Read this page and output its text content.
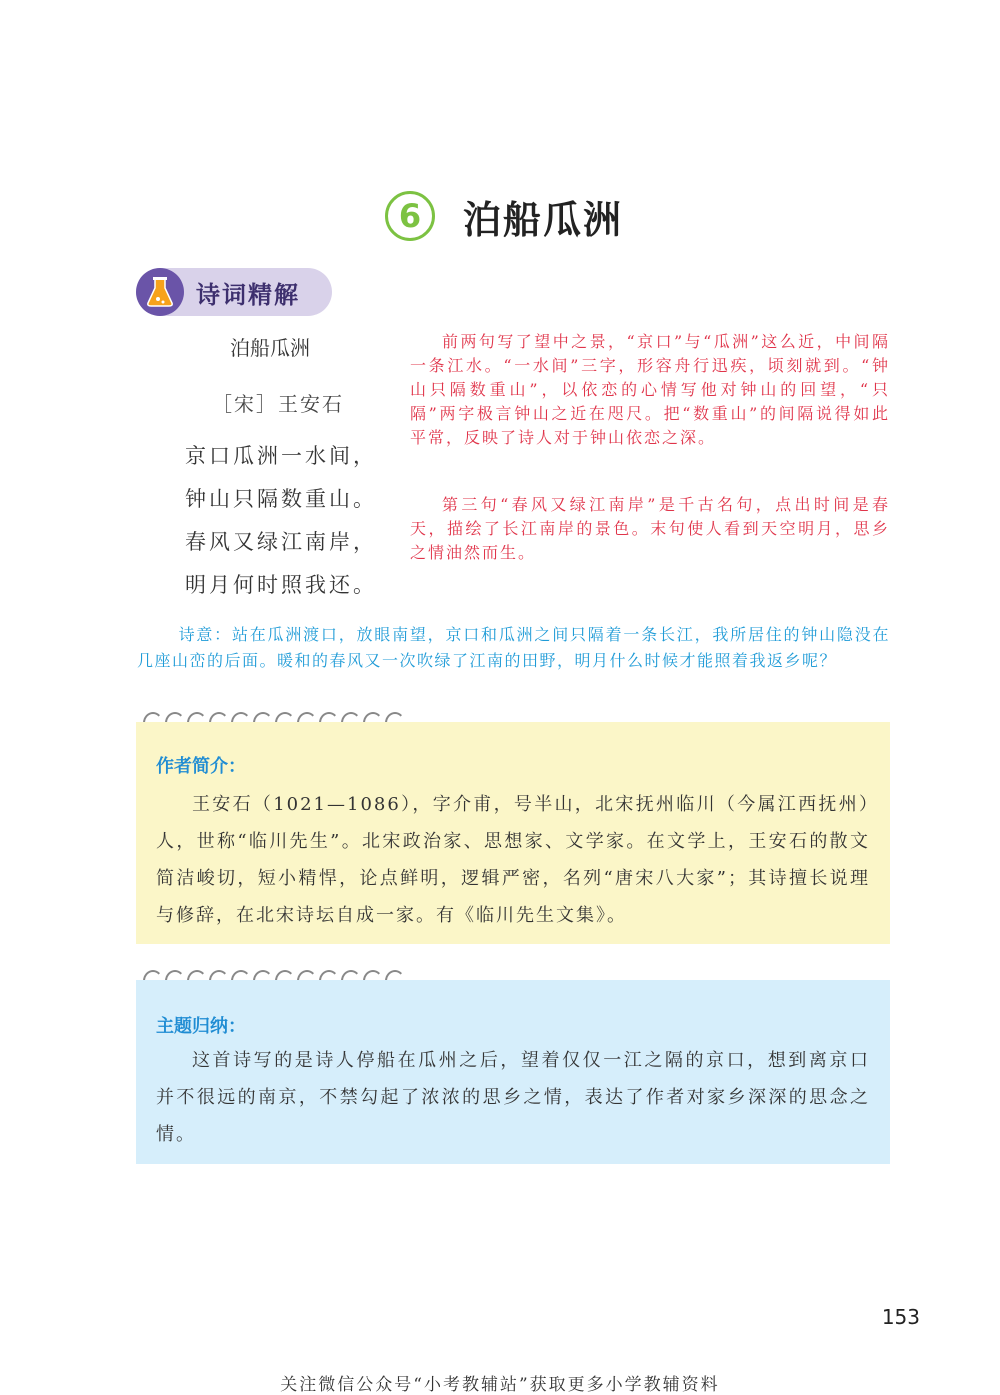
6	泊船瓜洲
诗词精解
泊船瓜洲
［宋］王安石
京口瓜洲一水间，
钟山只隔数重山。
春风又绿江南岸，
明月何时照我还。
前两句写了望中之景，“京口”与“瓜洲”这么近，中间隔一条江水。“一水间”三字，形容舟行迅疾，顷刻就到。“钟山只隔数重山”，以依恋的心情写他对钟山的回望，“只隔”两字极言钟山之近在咫尺。把“数重山”的间隔说得如此平常，反映了诗人对于钟山依恋之深。
第三句“春风又绿江南岸”是千古名句，点出时间是春天，描绘了长江南岸的景色。末句使人看到天空明月，思乡之情油然而生。
诗意：站在瓜洲渡口，放眼南望，京口和瓜洲之间只隔着一条长江，我所居住的钟山隐没在几座山峦的后面。暖和的春风又一次吹绿了江南的田野，明月什么时候才能照着我返乡呢？
作者简介：
王安石（1021—1086），字介甫，号半山，北宋抚州临川（今属江西抚州）人，世称“临川先生”。北宋政治家、思想家、文学家。在文学上，王安石的散文简洁峻切，短小精悍，论点鲜明，逻辑严密，名列“唐宋八大家”；其诗擅长说理与修辞，在北宋诗坛自成一家。有《临川先生文集》。
主题归纳：
这首诗写的是诗人停船在瓜州之后，望着仅仅一江之隔的京口，想到离京口并不很远的南京，不禁勾起了浓浓的思乡之情，表达了作者对家乡深深的思念之情。
153
关注微信公众号“小考教辅站”获取更多小学教辅资料
